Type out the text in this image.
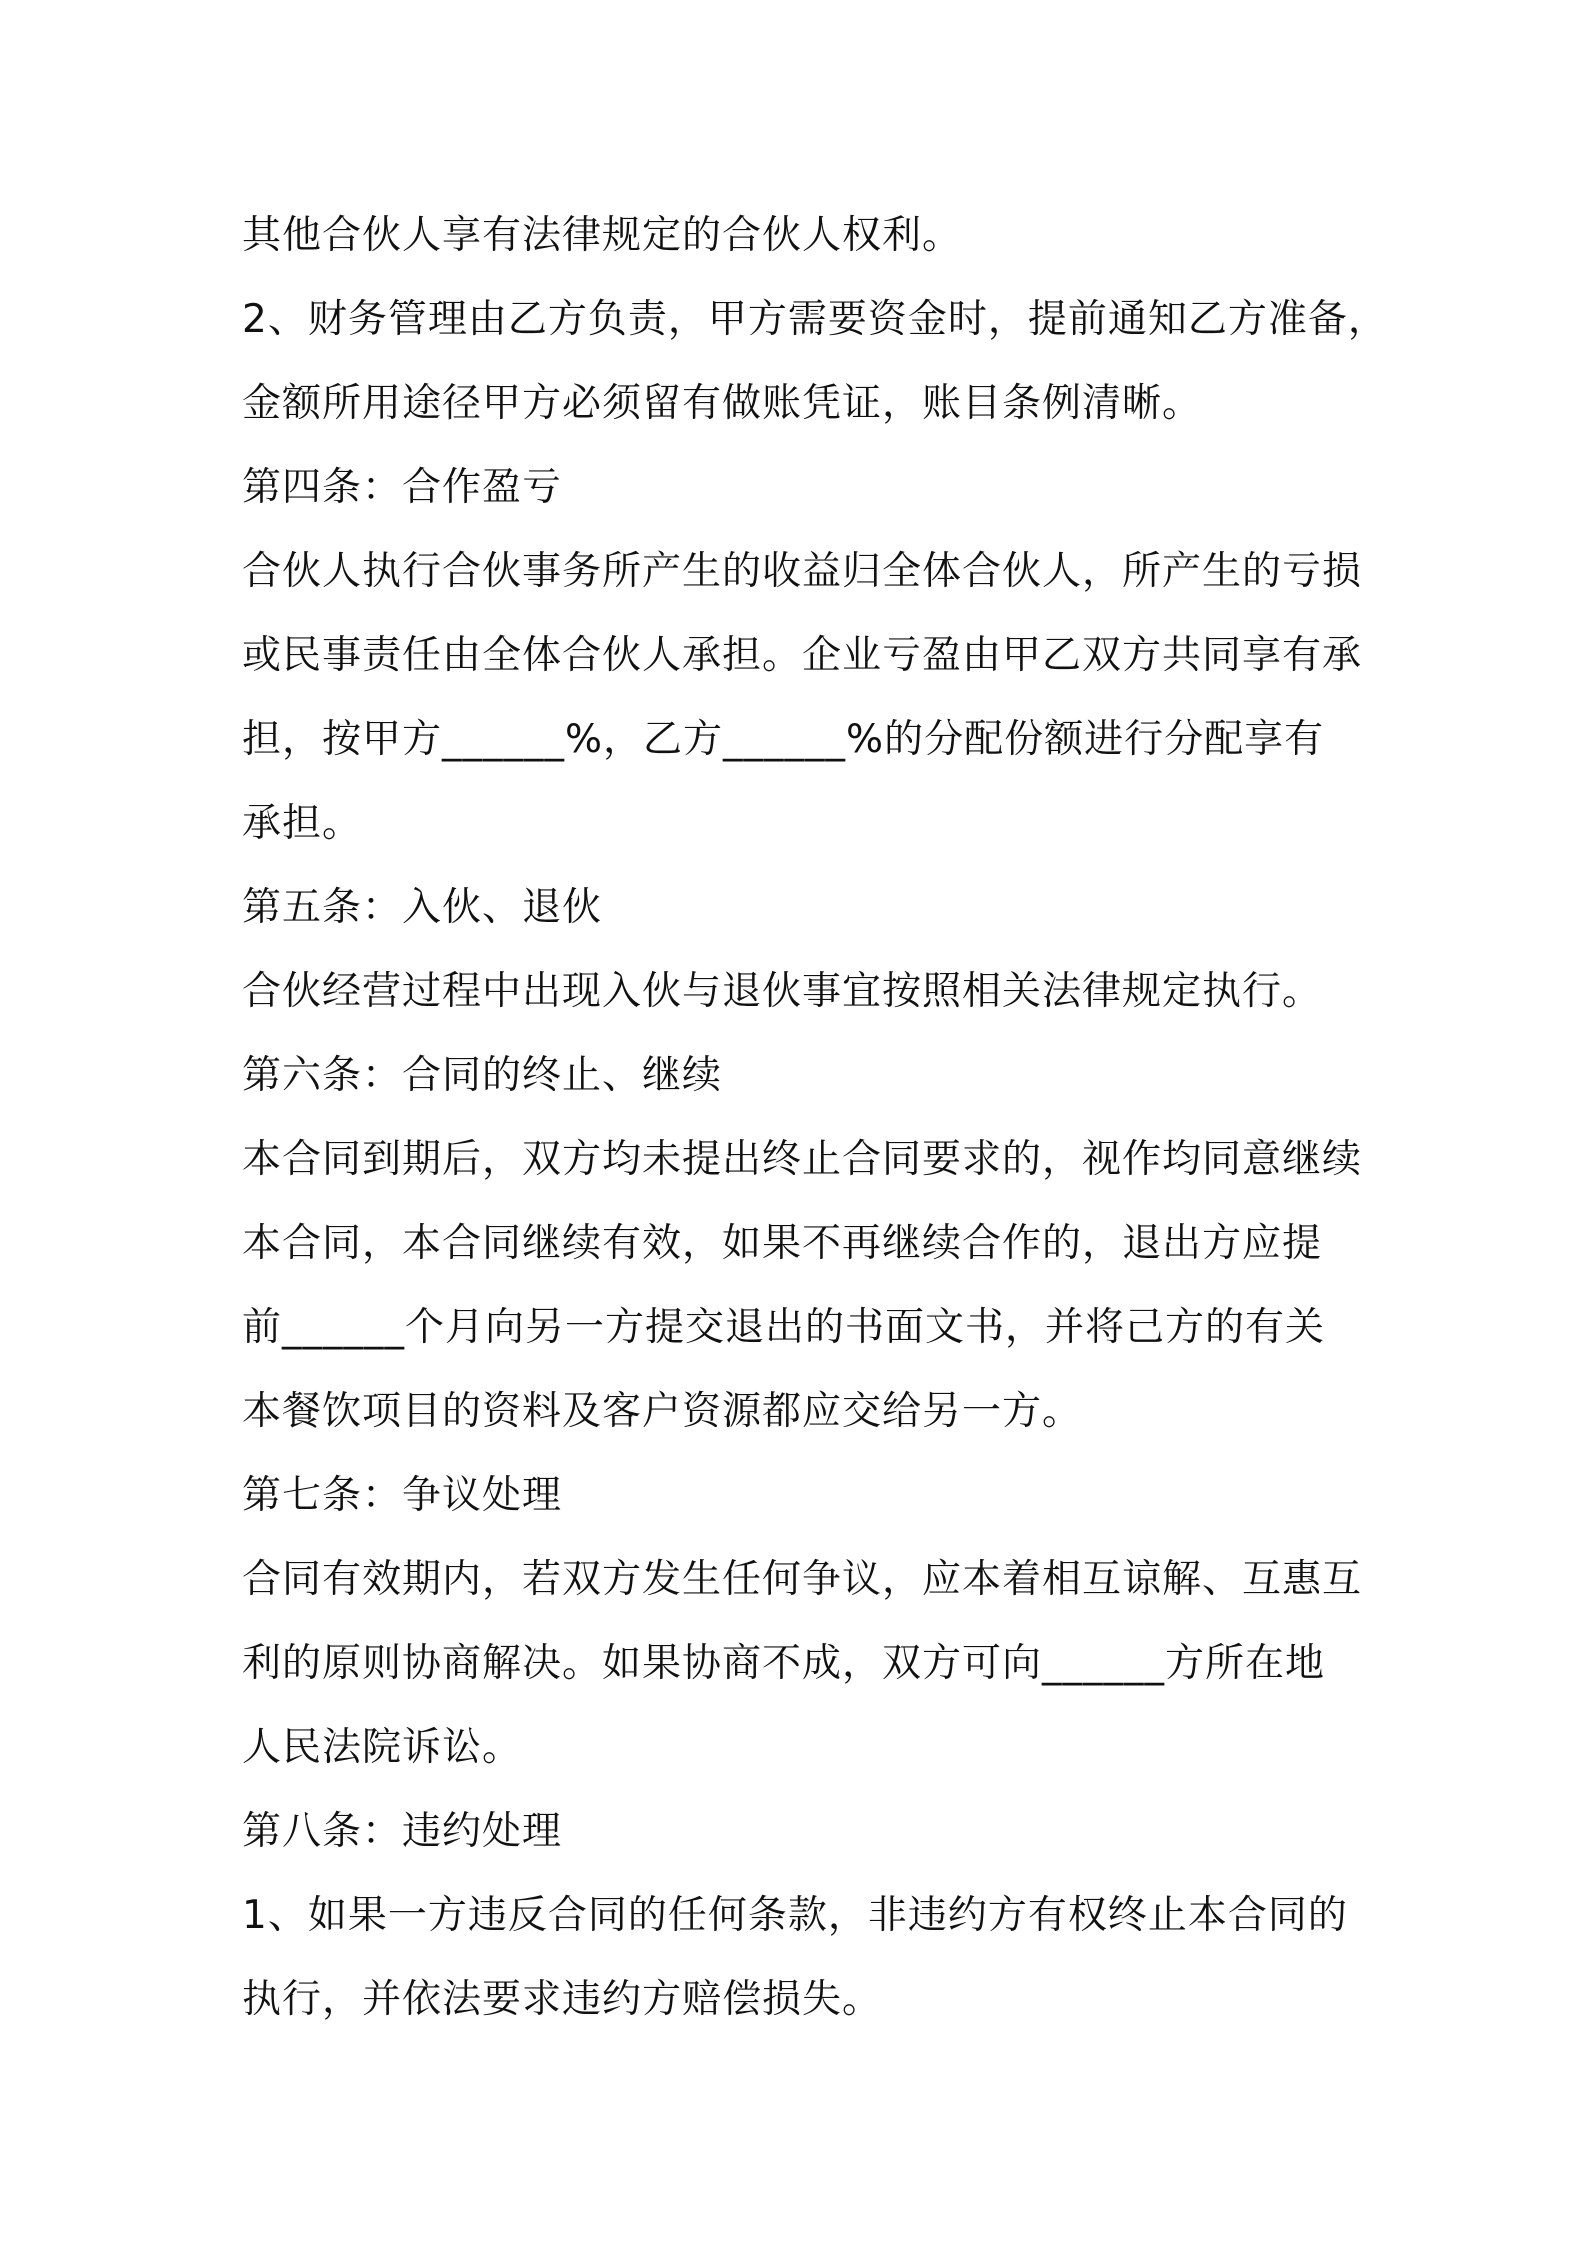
其他合伙人享有法律规定的合伙人权利。
2、财务管理由乙方负责，甲方需要资金时，提前通知乙方准备，
金额所用途径甲方必须留有做账凭证，账目条例清晰。
第四条：合作盈亏
合伙人执行合伙事务所产生的收益归全体合伙人，所产生的亏损
或民事责任由全体合伙人承担。企业亏盈由甲乙双方共同享有承
担，按甲方______%，乙方______%的分配份额进行分配享有
承担。
第五条：入伙、退伙
合伙经营过程中出现入伙与退伙事宜按照相关法律规定执行。
第六条：合同的终止、继续
本合同到期后，双方均未提出终止合同要求的，视作均同意继续
本合同，本合同继续有效，如果不再继续合作的，退出方应提
前______个月向另一方提交退出的书面文书，并将己方的有关
本餐饮项目的资料及客户资源都应交给另一方。
第七条：争议处理
合同有效期内，若双方发生任何争议，应本着相互谅解、互惠互
利的原则协商解决。如果协商不成，双方可向______方所在地
人民法院诉讼。
第八条：违约处理
1、如果一方违反合同的任何条款，非违约方有权终止本合同的
执行，并依法要求违约方赔偿损失。
